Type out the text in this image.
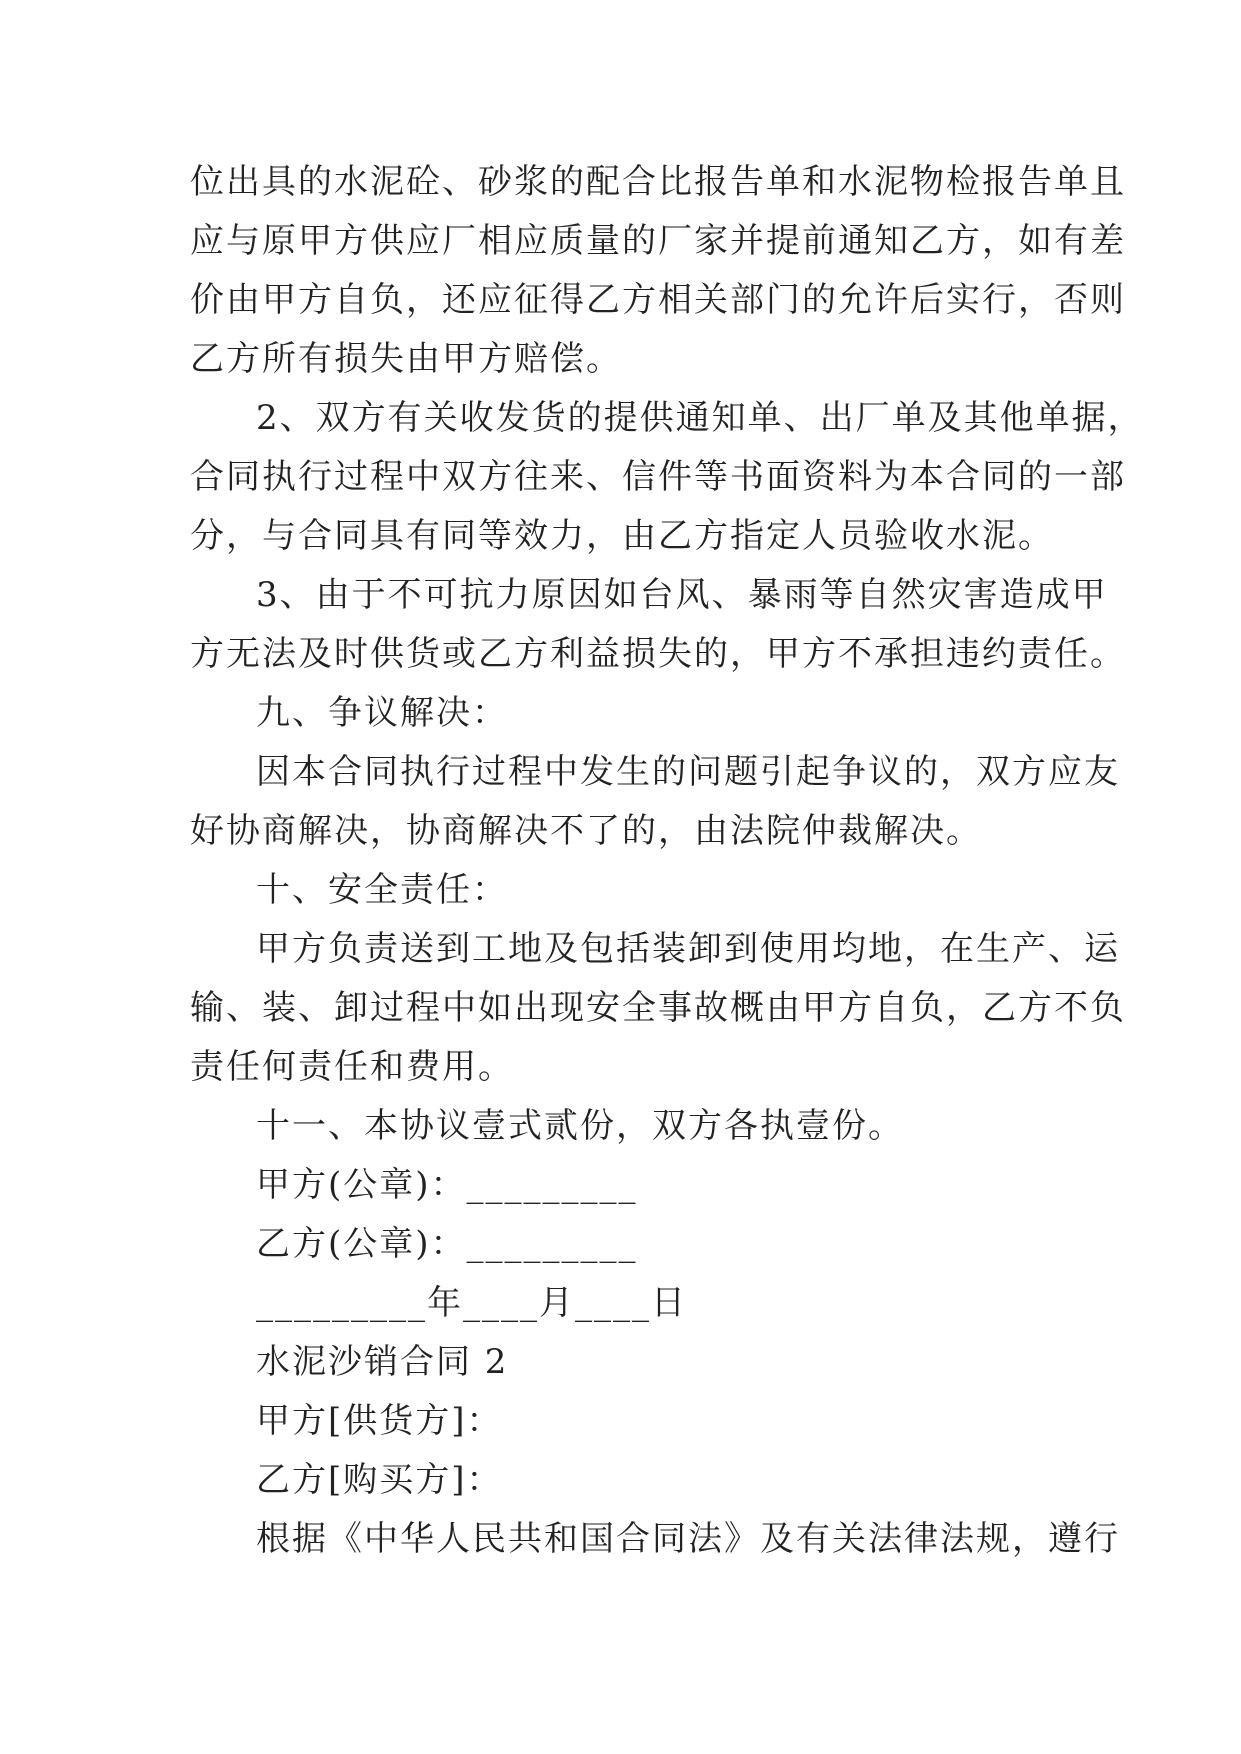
位出具的水泥砼、砂浆的配合比报告单和水泥物检报告单且
应与原甲方供应厂相应质量的厂家并提前通知乙方，如有差
价由甲方自负，还应征得乙方相关部门的允许后实行，否则
乙方所有损失由甲方赔偿。
2、双方有关收发货的提供通知单、出厂单及其他单据，
合同执行过程中双方往来、信件等书面资料为本合同的一部
分，与合同具有同等效力，由乙方指定人员验收水泥。
3、由于不可抗力原因如台风、暴雨等自然灾害造成甲
方无法及时供货或乙方利益损失的，甲方不承担违约责任。
九、争议解决：
因本合同执行过程中发生的问题引起争议的，双方应友
好协商解决，协商解决不了的，由法院仲裁解决。
十、安全责任：
甲方负责送到工地及包括装卸到使用均地，在生产、运
输、装、卸过程中如出现安全事故概由甲方自负，乙方不负
责任何责任和费用。
十一、本协议壹式贰份，双方各执壹份。
甲方(公章)：_________
乙方(公章)：_________
_________年____月____日
水泥沙销合同 2
甲方[供货方]：
乙方[购买方]：
根据《中华人民共和国合同法》及有关法律法规，遵行
